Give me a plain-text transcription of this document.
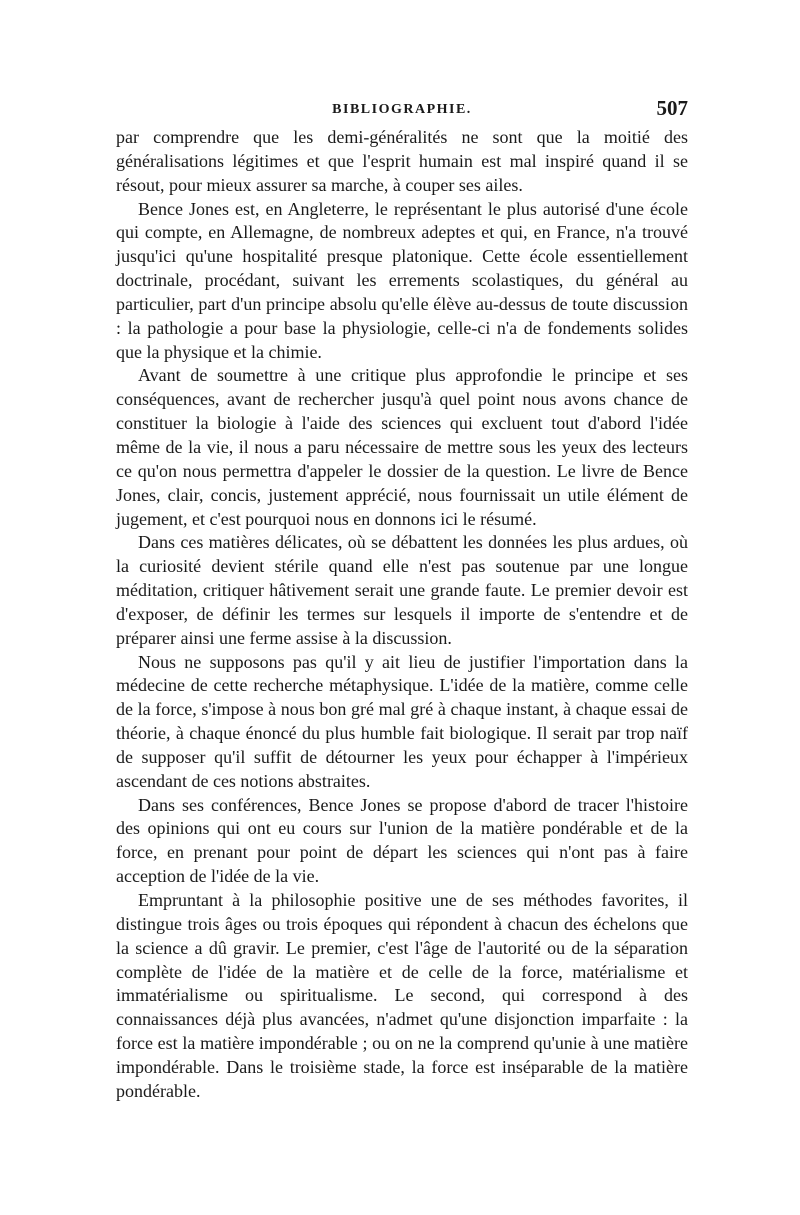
BIBLIOGRAPHIE.	507

par comprendre que les demi-généralités ne sont que la moitié des généralisations légitimes et que l'esprit humain est mal inspiré quand il se résout, pour mieux assurer sa marche, à couper ses ailes.

Bence Jones est, en Angleterre, le représentant le plus autorisé d'une école qui compte, en Allemagne, de nombreux adeptes et qui, en France, n'a trouvé jusqu'ici qu'une hospitalité presque platonique. Cette école essentiellement doctrinale, procédant, suivant les errements scolastiques, du général au particulier, part d'un principe absolu qu'elle élève au-dessus de toute discussion : la pathologie a pour base la physiologie, celle-ci n'a de fondements solides que la physique et la chimie.

Avant de soumettre à une critique plus approfondie le principe et ses conséquences, avant de rechercher jusqu'à quel point nous avons chance de constituer la biologie à l'aide des sciences qui excluent tout d'abord l'idée même de la vie, il nous a paru nécessaire de mettre sous les yeux des lecteurs ce qu'on nous permettra d'appeler le dossier de la question. Le livre de Bence Jones, clair, concis, justement apprécié, nous fournissait un utile élément de jugement, et c'est pourquoi nous en donnons ici le résumé.

Dans ces matières délicates, où se débattent les données les plus ardues, où la curiosité devient stérile quand elle n'est pas soutenue par une longue méditation, critiquer hâtivement serait une grande faute. Le premier devoir est d'exposer, de définir les termes sur lesquels il importe de s'entendre et de préparer ainsi une ferme assise à la discussion.

Nous ne supposons pas qu'il y ait lieu de justifier l'importation dans la médecine de cette recherche métaphysique. L'idée de la matière, comme celle de la force, s'impose à nous bon gré mal gré à chaque instant, à chaque essai de théorie, à chaque énoncé du plus humble fait biologique. Il serait par trop naïf de supposer qu'il suffit de détourner les yeux pour échapper à l'impérieux ascendant de ces notions abstraites.

Dans ses conférences, Bence Jones se propose d'abord de tracer l'histoire des opinions qui ont eu cours sur l'union de la matière pondérable et de la force, en prenant pour point de départ les sciences qui n'ont pas à faire acception de l'idée de la vie.

Empruntant à la philosophie positive une de ses méthodes favorites, il distingue trois âges ou trois époques qui répondent à chacun des échelons que la science a dû gravir. Le premier, c'est l'âge de l'autorité ou de la séparation complète de l'idée de la matière et de celle de la force, matérialisme et immatérialisme ou spiritualisme. Le second, qui correspond à des connaissances déjà plus avancées, n'admet qu'une disjonction imparfaite : la force est la matière impondérable ; ou on ne la comprend qu'unie à une matière impondérable. Dans le troisième stade, la force est inséparable de la matière pondérable.
